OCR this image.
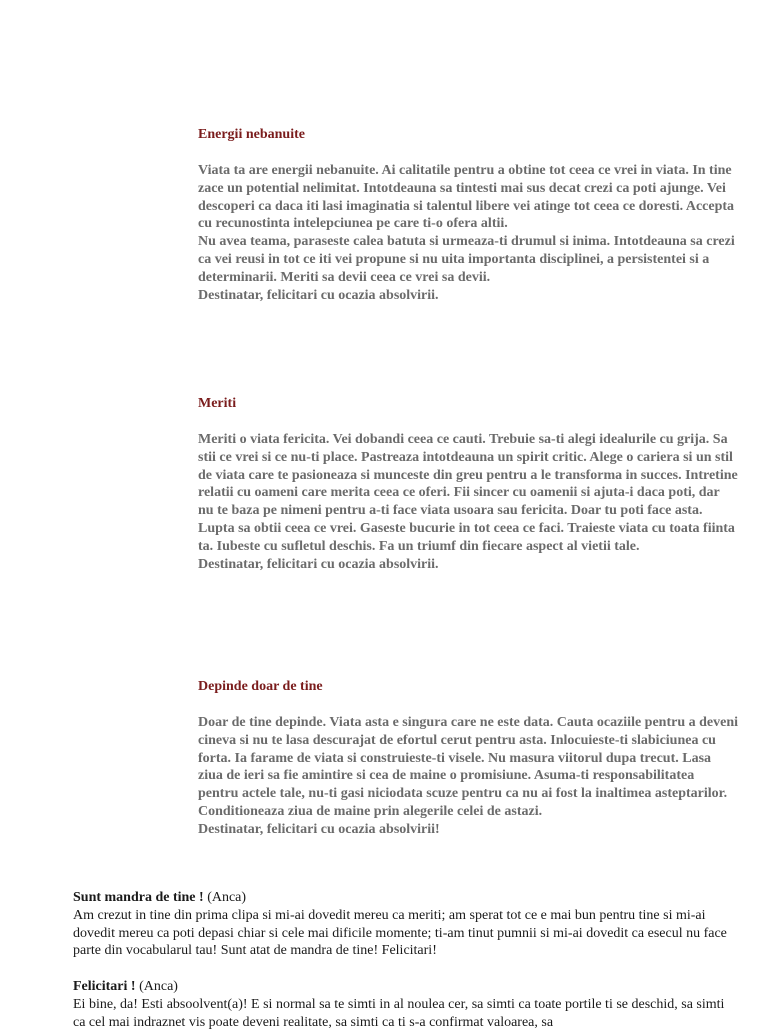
Energii nebanuite

Viata ta are energii nebanuite. Ai calitatile pentru a obtine tot ceea ce vrei in viata. In tine zace un potential nelimitat. Intotdeauna sa tintesti mai sus decat crezi ca poti ajunge. Vei descoperi ca daca iti lasi imaginatia si talentul libere vei atinge tot ceea ce doresti. Accepta cu recunostinta intelepciunea pe care ti-o ofera altii.
Nu avea teama, paraseste calea batuta si urmeaza-ti drumul si inima. Intotdeauna sa crezi ca vei reusi in tot ce iti vei propune si nu uita importanta disciplinei, a persistentei si a determinarii. Meriti sa devii ceea ce vrei sa devii.
Destinatar, felicitari cu ocazia absolvirii.

Meriti

Meriti o viata fericita. Vei dobandi ceea ce cauti. Trebuie sa-ti alegi idealurile cu grija. Sa stii ce vrei si ce nu-ti place. Pastreaza intotdeauna un spirit critic. Alege o cariera si un stil de viata care te pasioneaza si munceste din greu pentru a le transforma in succes. Intretine relatii cu oameni care merita ceea ce oferi. Fii sincer cu oamenii si ajuta-i daca poti, dar nu te baza pe nimeni pentru a-ti face viata usoara sau fericita. Doar tu poti face asta. Lupta sa obtii ceea ce vrei. Gaseste bucurie in tot ceea ce faci. Traieste viata cu toata fiinta ta. Iubeste cu sufletul deschis. Fa un triumf din fiecare aspect al vietii tale.
Destinatar, felicitari cu ocazia absolvirii.

Depinde doar de tine

Doar de tine depinde. Viata asta e singura care ne este data. Cauta ocaziile pentru a deveni cineva si nu te lasa descurajat de efortul cerut pentru asta. Inlocuieste-ti slabiciunea cu forta. Ia farame de viata si construieste-ti visele. Nu masura viitorul dupa trecut. Lasa ziua de ieri sa fie amintire si cea de maine o promisiune. Asuma-ti responsabilitatea pentru actele tale, nu-ti gasi niciodata scuze pentru ca nu ai fost la inaltimea asteptarilor. Conditioneaza ziua de maine prin alegerile celei de astazi.
Destinatar, felicitari cu ocazia absolvirii!

Sunt mandra de tine ! (Anca)

Am crezut in tine din prima clipa si mi-ai dovedit mereu ca meriti; am sperat tot ce e mai bun pentru tine si mi-ai dovedit mereu ca poti depasi chiar si cele mai dificile momente; ti-am tinut pumnii si mi-ai dovedit ca esecul nu face parte din vocabularul tau! Sunt atat de mandra de tine! Felicitari!

Felicitari ! (Anca)

Ei bine, da! Esti absoolvent(a)! E si normal sa te simti in al noulea cer, sa simti ca toate portile ti se deschid, sa simti ca cel mai indraznet vis poate deveni realitate, sa simti ca ti s-a confirmat valoarea, sa
